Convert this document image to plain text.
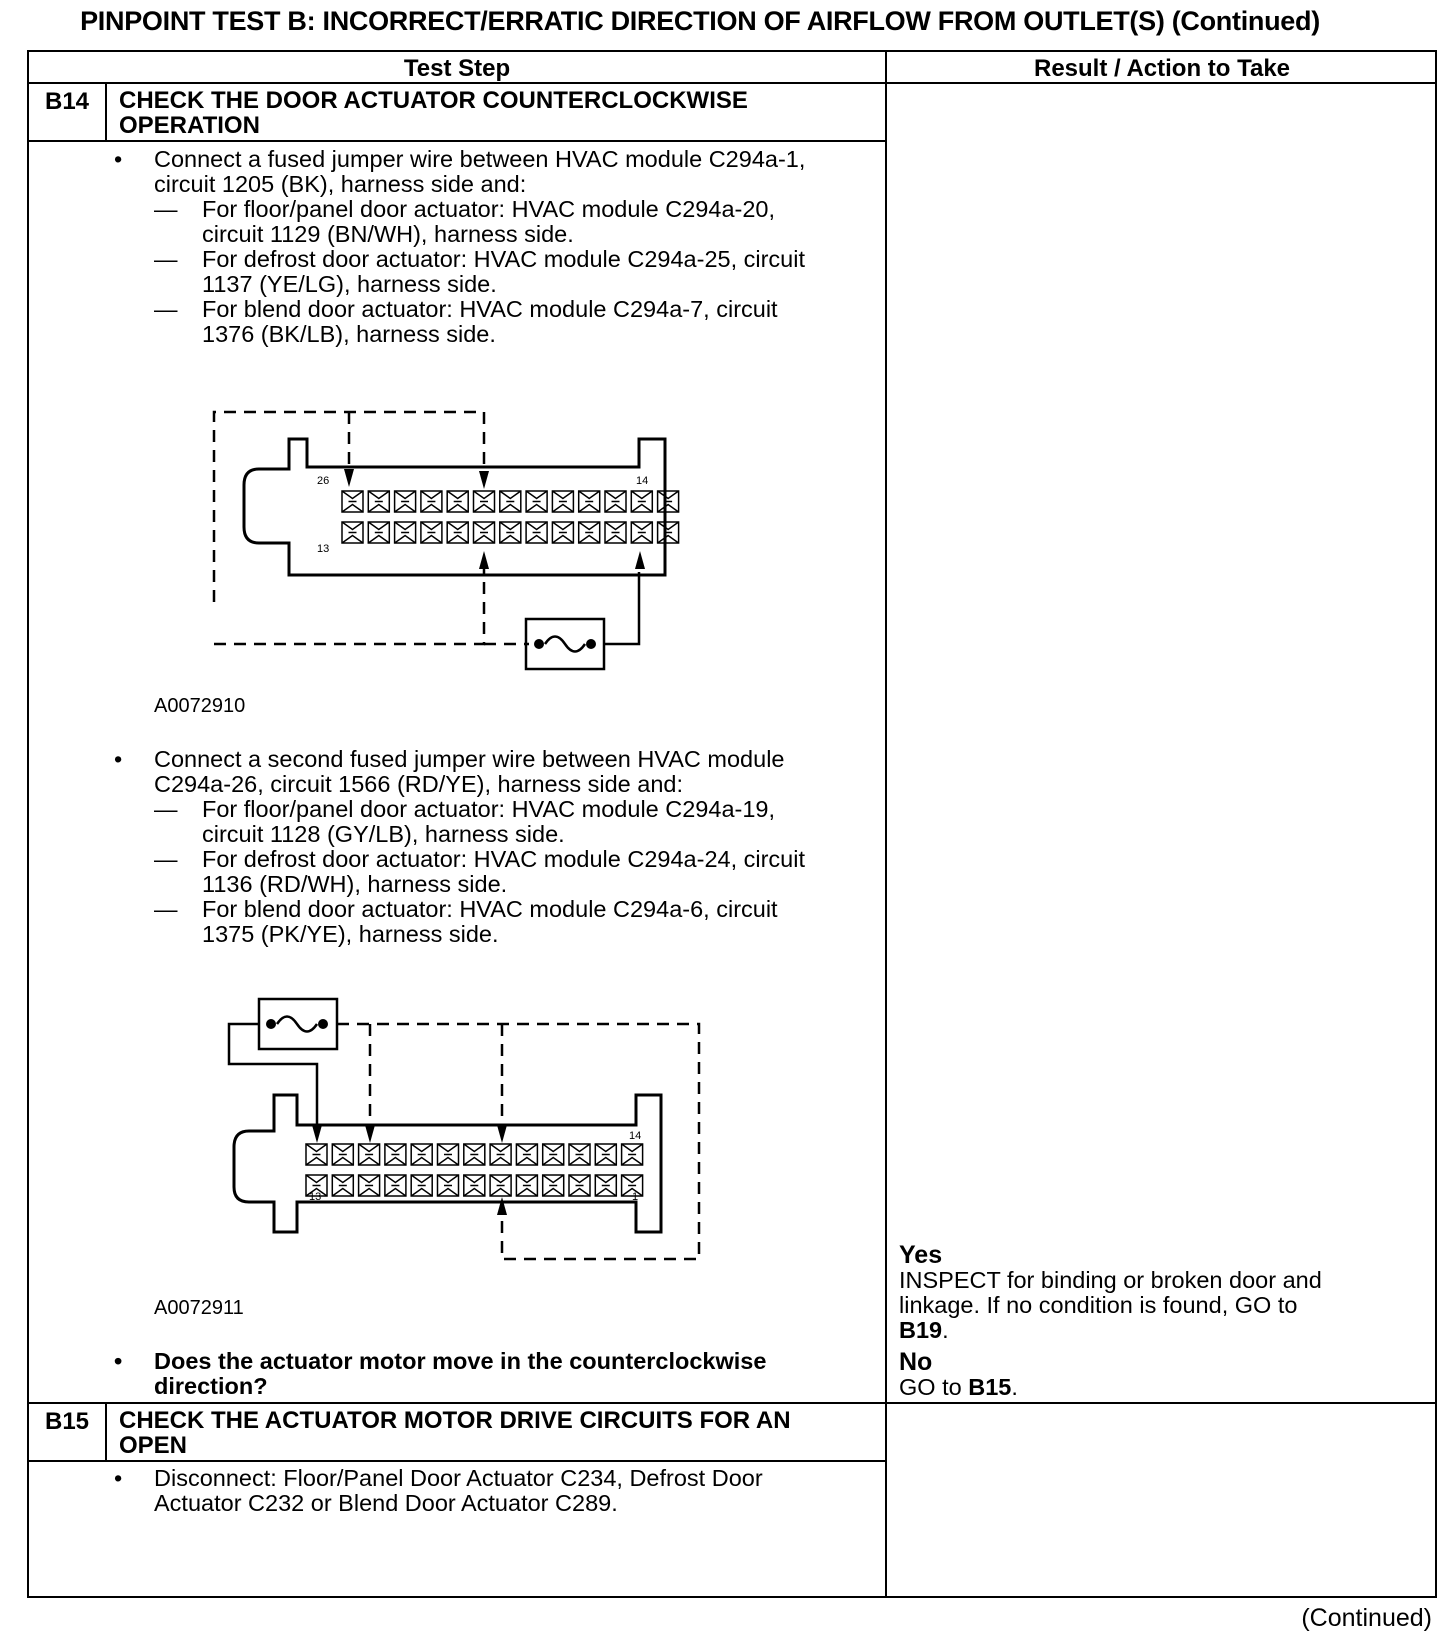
PINPOINT TEST B: INCORRECT/ERRATIC DIRECTION OF AIRFLOW FROM OUTLET(S) (Continued)
Test Step	Result / Action to Take
B14 CHECK THE DOOR ACTUATOR COUNTERCLOCKWISE
OPERATION
• Connect a fused jumper wire between HVAC module C294a-1,
circuit 1205 (BK), harness side and:
— For floor/panel door actuator: HVAC module C294a-20,
circuit 1129 (BN/WH), harness side.
— For defrost door actuator: HVAC module C294a-25, circuit
1137 (YE/LG), harness side.
— For blend door actuator: HVAC module C294a-7, circuit
1376 (BK/LB), harness side.
26	14
13
A0072910
• Connect a second fused jumper wire between HVAC module
C294a-26, circuit 1566 (RD/YE), harness side and:
— For floor/panel door actuator: HVAC module C294a-19,
circuit 1128 (GY/LB), harness side.
— For defrost door actuator: HVAC module C294a-24, circuit
1136 (RD/WH), harness side.
— For blend door actuator: HVAC module C294a-6, circuit
1375 (PK/YE), harness side.
14
13	1
A0072911
• Does the actuator motor move in the counterclockwise
direction?
Yes
INSPECT for binding or broken door and
linkage. If no condition is found, GO to
B19.
No
GO to B15.
B15 CHECK THE ACTUATOR MOTOR DRIVE CIRCUITS FOR AN
OPEN
• Disconnect: Floor/Panel Door Actuator C234, Defrost Door
Actuator C232 or Blend Door Actuator C289.
(Continued)
